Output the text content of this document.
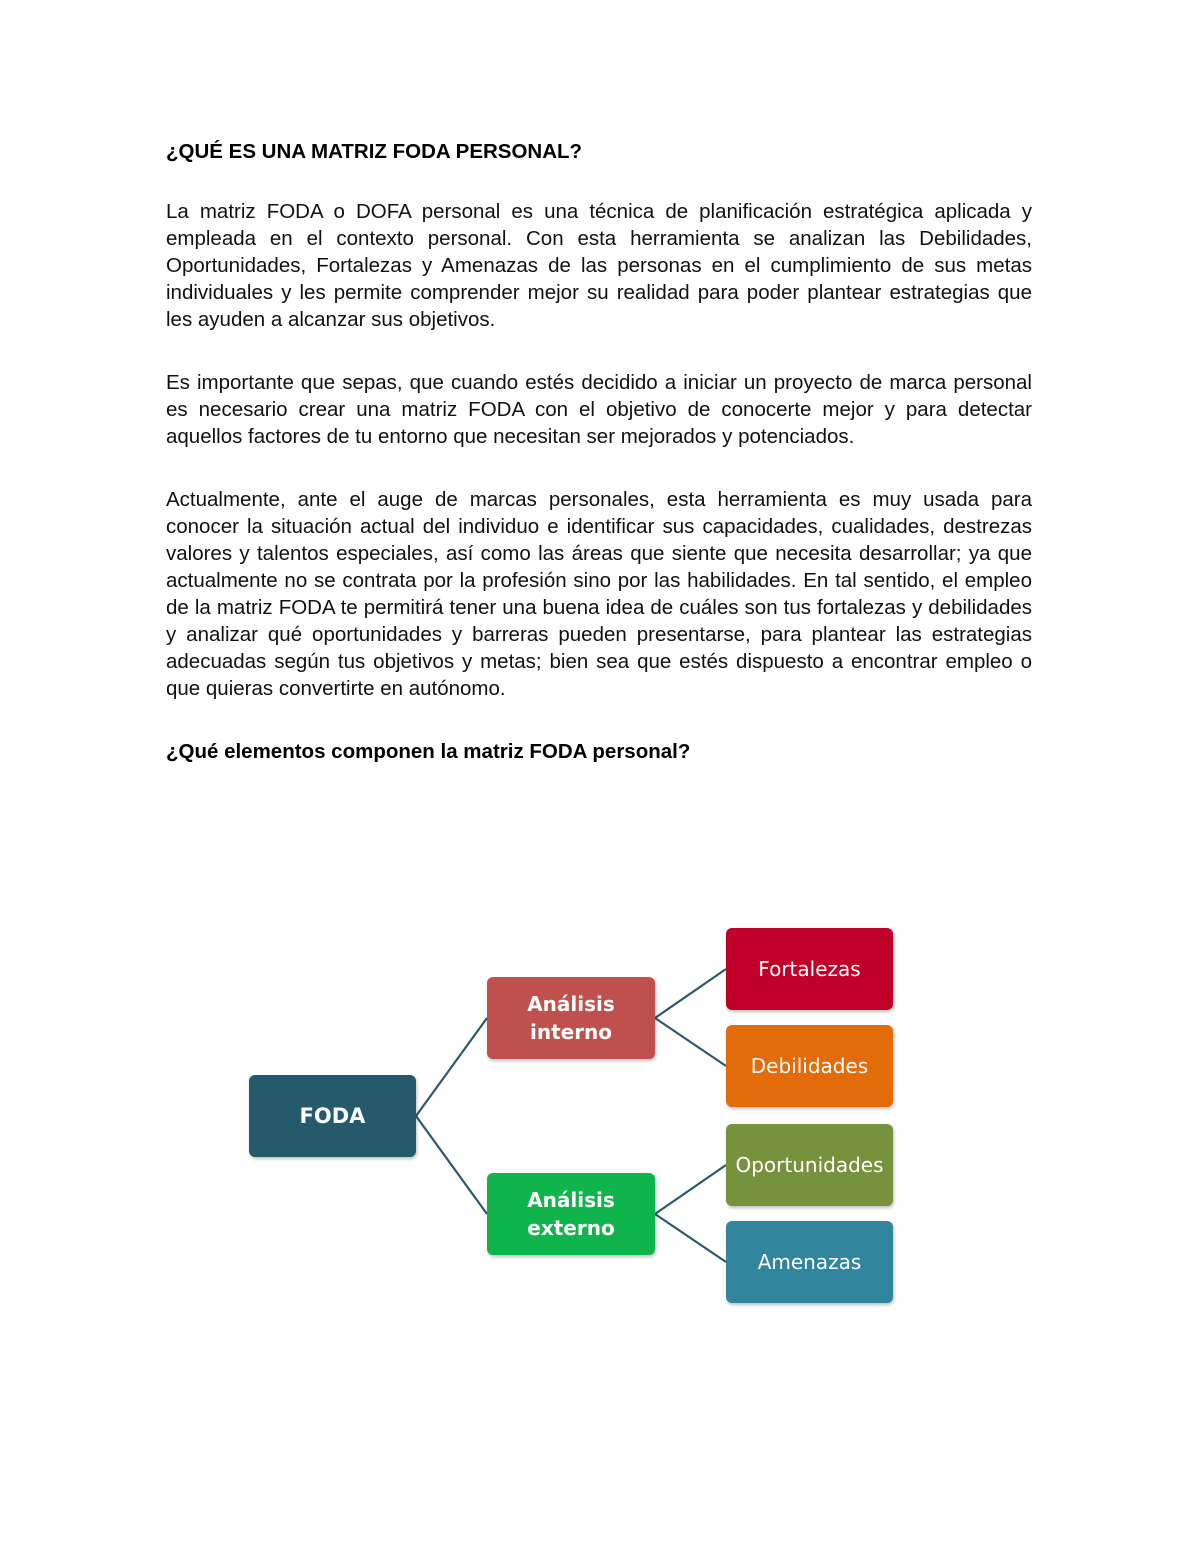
¿QUÉ ES UNA MATRIZ FODA PERSONAL?

La matriz FODA o DOFA personal es una técnica de planificación estratégica aplicada y empleada en el contexto personal. Con esta herramienta se analizan las Debilidades, Oportunidades, Fortalezas y Amenazas de las personas en el cumplimiento de sus metas individuales y les permite comprender mejor su realidad para poder plantear estrategias que les ayuden a alcanzar sus objetivos.

Es importante que sepas, que cuando estés decidido a iniciar un proyecto de marca personal es necesario crear una matriz FODA con el objetivo de conocerte mejor y para detectar aquellos factores de tu entorno que necesitan ser mejorados y potenciados.

Actualmente, ante el auge de marcas personales, esta herramienta es muy usada para conocer la situación actual del individuo e identificar sus capacidades, cualidades, destrezas valores y talentos especiales, así como las áreas que siente que necesita desarrollar; ya que actualmente no se contrata por la profesión sino por las habilidades. En tal sentido, el empleo de la matriz FODA te permitirá tener una buena idea de cuáles son tus fortalezas y debilidades y analizar qué oportunidades y barreras pueden presentarse, para plantear las estrategias adecuadas según tus objetivos y metas; bien sea que estés dispuesto a encontrar empleo o que quieras convertirte en autónomo.

¿Qué elementos componen la matriz FODA personal?

FODA
Análisis
interno
Análisis
externo
Fortalezas
Debilidades
Oportunidades
Amenazas
